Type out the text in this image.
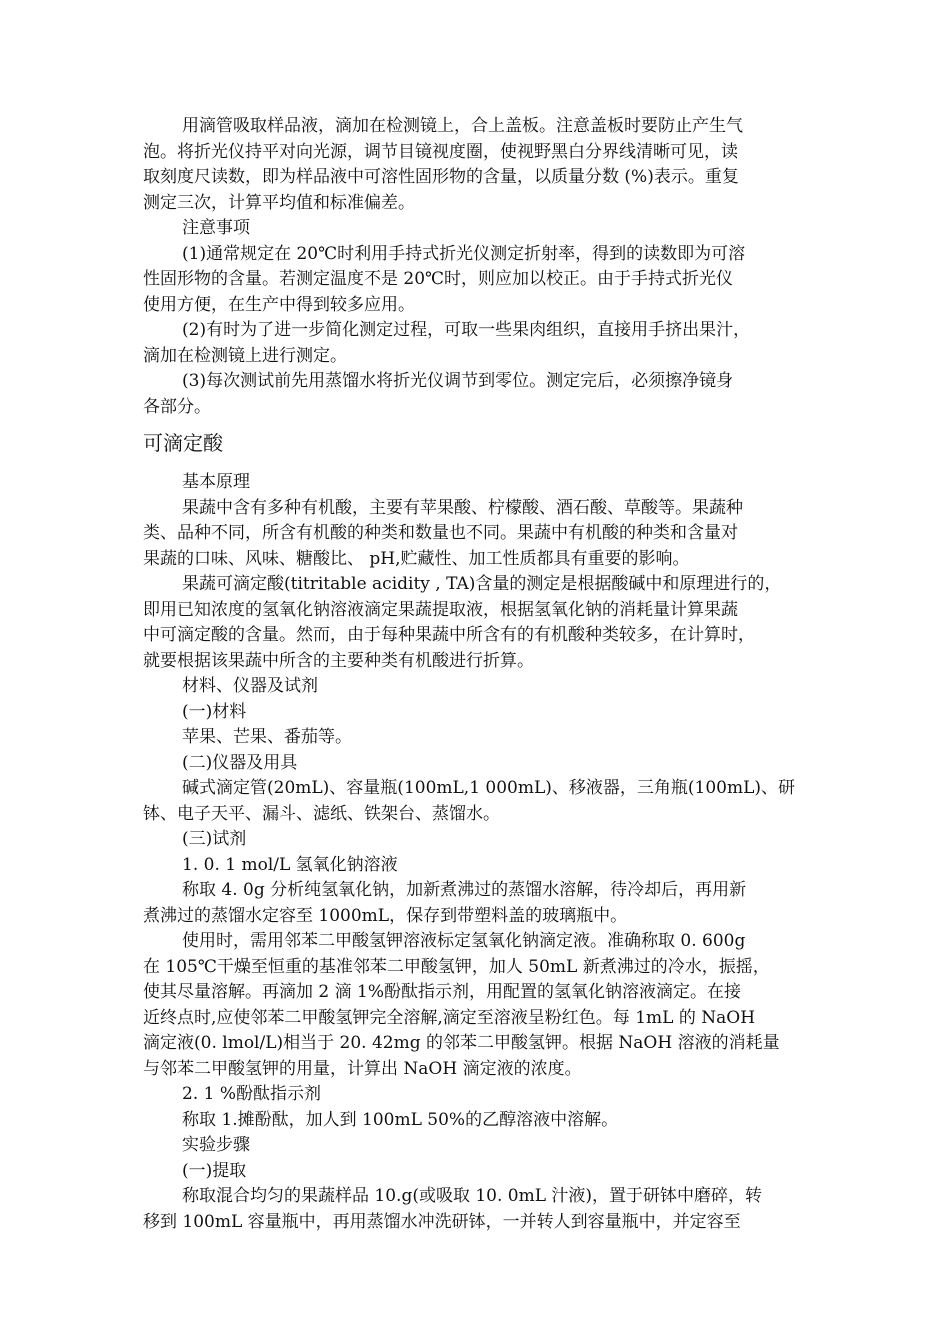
用滴管吸取样品液，滴加在检测镜上，合上盖板。注意盖板时要防止产生气
泡。将折光仪持平对向光源，调节目镜视度圈，使视野黑白分界线清晰可见，读
取刻度尺读数，即为样品液中可溶性固形物的含量，以质量分数 (%)表示。重复
测定三次，计算平均值和标准偏差。
注意事项
(1)通常规定在 20℃时利用手持式折光仪测定折射率，得到的读数即为可溶
性固形物的含量。若测定温度不是 20℃时，则应加以校正。由于手持式折光仪
使用方便，在生产中得到较多应用。
(2)有时为了进一步简化测定过程，可取一些果肉组织，直接用手挤出果汁，
滴加在检测镜上进行测定。
(3)每次测试前先用蒸馏水将折光仪调节到零位。测定完后，必须擦净镜身
各部分。
可滴定酸
基本原理
果蔬中含有多种有机酸，主要有苹果酸、柠檬酸、酒石酸、草酸等。果蔬种
类、品种不同，所含有机酸的种类和数量也不同。果蔬中有机酸的种类和含量对
果蔬的口味、风味、糖酸比、 pH,贮藏性、加工性质都具有重要的影响。
果蔬可滴定酸(titritable acidity , TA)含量的测定是根据酸碱中和原理进行的，
即用已知浓度的氢氧化钠溶液滴定果蔬提取液，根据氢氧化钠的消耗量计算果蔬
中可滴定酸的含量。然而，由于每种果蔬中所含有的有机酸种类较多，在计算时，
就要根据该果蔬中所含的主要种类有机酸进行折算。
材料、仪器及试剂
(一)材料
苹果、芒果、番茄等。
(二)仪器及用具
碱式滴定管(20mL)、容量瓶(100mL,1 000mL)、移液器，三角瓶(100mL)、研
钵、电子天平、漏斗、滤纸、铁架台、蒸馏水。
(三)试剂
1. 0. 1 mol/L 氢氧化钠溶液
称取 4. 0g 分析纯氢氧化钠，加新煮沸过的蒸馏水溶解，待冷却后，再用新
煮沸过的蒸馏水定容至 1000mL，保存到带塑料盖的玻璃瓶中。
使用时，需用邻苯二甲酸氢钾溶液标定氢氧化钠滴定液。准确称取 0. 600g
在 105℃干燥至恒重的基准邻苯二甲酸氢钾，加人 50mL 新煮沸过的冷水，振摇，
使其尽量溶解。再滴加 2 滴 1%酚酞指示剂，用配置的氢氧化钠溶液滴定。在接
近终点时,应使邻苯二甲酸氢钾完全溶解,滴定至溶液呈粉红色。每 1mL 的 NaOH
滴定液(0. lmol/L)相当于 20. 42mg 的邻苯二甲酸氢钾。根据 NaOH 溶液的消耗量
与邻苯二甲酸氢钾的用量，计算出 NaOH 滴定液的浓度。
2. 1 %酚酞指示剂
称取 1.摊酚酞，加人到 100mL 50%的乙醇溶液中溶解。
实验步骤
(一)提取
称取混合均匀的果蔬样品 10.g(或吸取 10. 0mL 汁液)，置于研钵中磨碎，转
移到 100mL 容量瓶中，再用蒸馏水冲洗研钵，一并转人到容量瓶中，并定容至
